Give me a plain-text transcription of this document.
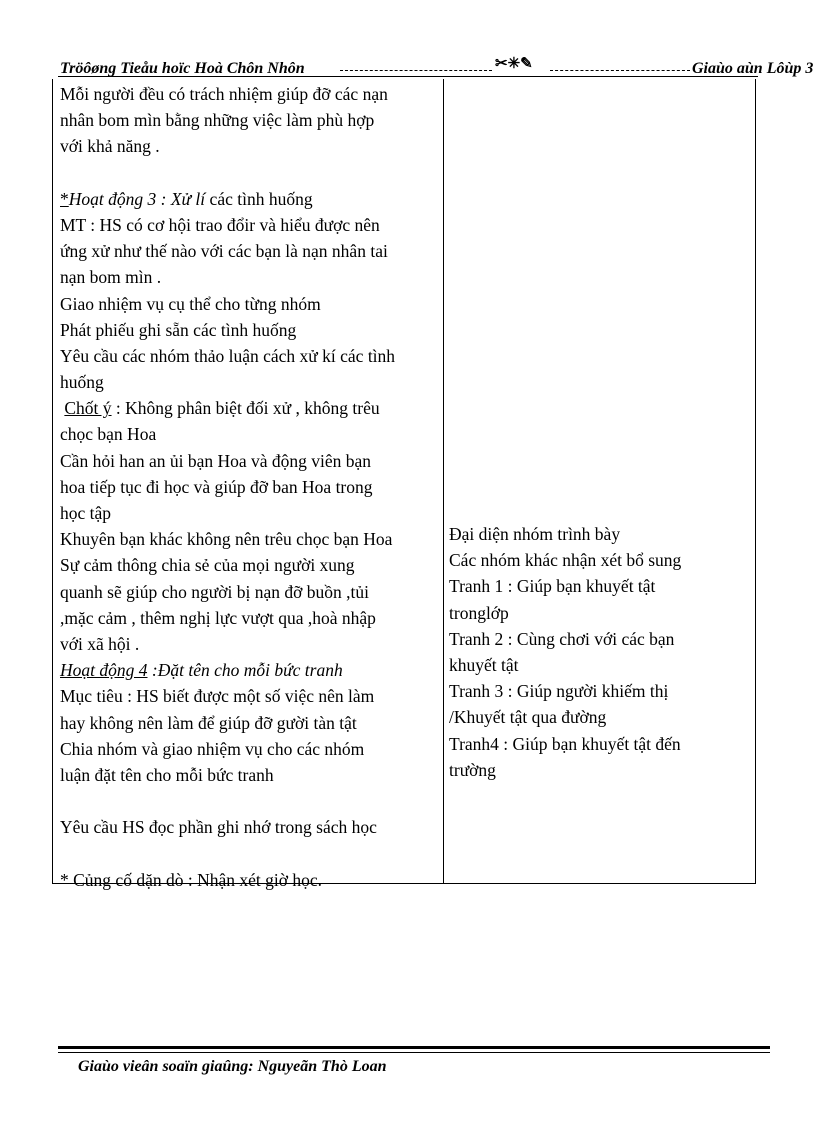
Tröôøng Tieåu hoïc Hoà Chôn Nhôn	✂✳✎	Giaùo aùn Lôùp 3
Mỗi người đều có trách nhiệm giúp đỡ các nạn
nhân bom mìn bằng những việc làm phù hợp
với khả năng .
*Hoạt động 3 : Xử lí các tình huống
MT : HS có cơ hội trao đổir và hiểu được nên
ứng xử như thế nào với các bạn là nạn nhân tai
nạn bom mìn .
Giao nhiệm vụ cụ thể cho từng nhóm
Phát phiếu ghi sẵn các tình huống
Yêu cầu các nhóm thảo luận cách xử kí các tình
huống
Chốt ý : Không phân biệt đối xử , không trêu
chọc bạn Hoa
Cần hỏi han an ủi bạn Hoa và động viên bạn
hoa tiếp tục đi học và giúp đỡ ban Hoa trong
học tập
Khuyên bạn khác không nên trêu chọc bạn Hoa
Sự cảm thông chia sẻ của mọi người xung
quanh sẽ giúp cho người bị nạn đỡ buồn ,tủi
,mặc cảm , thêm nghị lực vượt qua ,hoà nhập
với xã hội .
Hoạt động 4 :Đặt tên cho mỗi bức tranh
Mục tiêu : HS biết được một số việc nên làm
hay không nên làm để giúp đỡ gười tàn tật
Chia nhóm và giao nhiệm vụ cho các nhóm
luận đặt tên cho mỗi bức tranh
Yêu cầu HS đọc phần ghi nhớ trong sách học
* Củng cố dặn dò : Nhận xét giờ học.
Đại diện nhóm trình bày
Các nhóm khác nhận xét bổ sung
Tranh 1 : Giúp bạn khuyết tật
tronglớp
Tranh 2 : Cùng chơi với các bạn
khuyết tật
Tranh 3 : Giúp người khiếm thị
/Khuyết tật qua đường
Tranh4 : Giúp bạn khuyết tật đến
trường
Giaùo vieân soaïn giaûng: Nguyeãn Thò Loan
